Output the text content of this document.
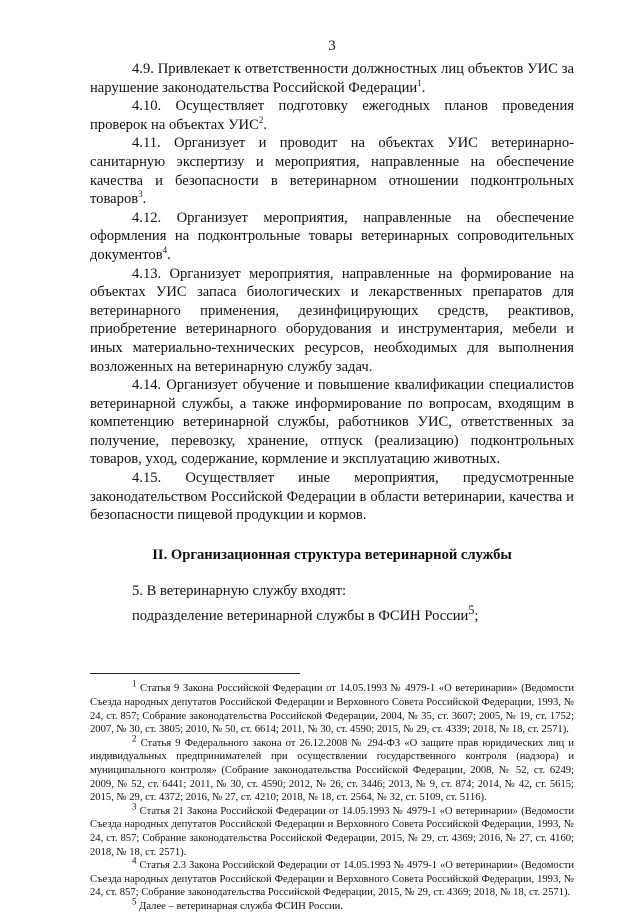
3

4.9. Привлекает к ответственности должностных лиц объектов УИС за нарушение законодательства Российской Федерации$^1$.

4.10. Осуществляет подготовку ежегодных планов проведения проверок на объектах УИС$^2$.

4.11. Организует и проводит на объектах УИС ветеринарно-санитарную экспертизу и мероприятия, направленные на обеспечение качества и безопасности в ветеринарном отношении подконтрольных товаров$^3$.

4.12. Организует мероприятия, направленные на обеспечение оформления на подконтрольные товары ветеринарных сопроводительных документов$^4$.

4.13. Организует мероприятия, направленные на формирование на объектах УИС запаса биологических и лекарственных препаратов для ветеринарного применения, дезинфицирующих средств, реактивов, приобретение ветеринарного оборудования и инструментария, мебели и иных материально-технических ресурсов, необходимых для выполнения возложенных на ветеринарную службу задач.

4.14. Организует обучение и повышение квалификации специалистов ветеринарной службы, а также информирование по вопросам, входящим в компетенцию ветеринарной службы, работников УИС, ответственных за получение, перевозку, хранение, отпуск (реализацию) подконтрольных товаров, уход, содержание, кормление и эксплуатацию животных.

4.15. Осуществляет иные мероприятия, предусмотренные законодательством Российской Федерации в области ветеринарии, качества и безопасности пищевой продукции и кормов.

II. Организационная структура ветеринарной службы

5. В ветеринарную службу входят:

подразделение ветеринарной службы в ФСИН России$^5$;

$^1$ Статья 9 Закона Российской Федерации от 14.05.1993 № 4979-1 «О ветеринарии» (Ведомости Съезда народных депутатов Российской Федерации и Верховного Совета Российской Федерации, 1993, № 24, ст. 857; Собрание законодательства Российской Федерации, 2004, № 35, ст. 3607; 2005, № 19, ст. 1752; 2007, № 30, ст. 3805; 2010, № 50, ст. 6614; 2011, № 30, ст. 4590; 2015, № 29, ст. 4339; 2018, № 18, ст. 2571).

$^2$ Статья 9 Федерального закона от 26.12.2008 № 294-ФЗ «О защите прав юридических лиц и индивидуальных предпринимателей при осуществлении государственного контроля (надзора) и муниципального контроля» (Собрание законодательства Российской Федерации, 2008, № 52, ст. 6249; 2009, № 52, ст. 6441; 2011, № 30, ст. 4590; 2012, № 26, ст. 3446; 2013, № 9, ст. 874; 2014, № 42, ст. 5615; 2015, № 29, ст. 4372; 2016, № 27, ст. 4210; 2018, № 18, ст. 2564, № 32, ст. 5109, ст. 5116).

$^3$ Статья 21 Закона Российской Федерации от 14.05.1993 № 4979-1 «О ветеринарии» (Ведомости Съезда народных депутатов Российской Федерации и Верховного Совета Российской Федерации, 1993, № 24, ст. 857; Собрание законодательства Российской Федерации, 2015, № 29, ст. 4369; 2016, № 27, ст. 4160; 2018, № 18, ст. 2571).

$^4$ Статья 2.3 Закона Российской Федерации от 14.05.1993 № 4979-1 «О ветеринарии» (Ведомости Съезда народных депутатов Российской Федерации и Верховного Совета Российской Федерации, 1993, № 24, ст. 857; Собрание законодательства Российской Федерации, 2015, № 29, ст. 4369; 2018, № 18, ст. 2571).

$^5$ Далее – ветеринарная служба ФСИН России.
